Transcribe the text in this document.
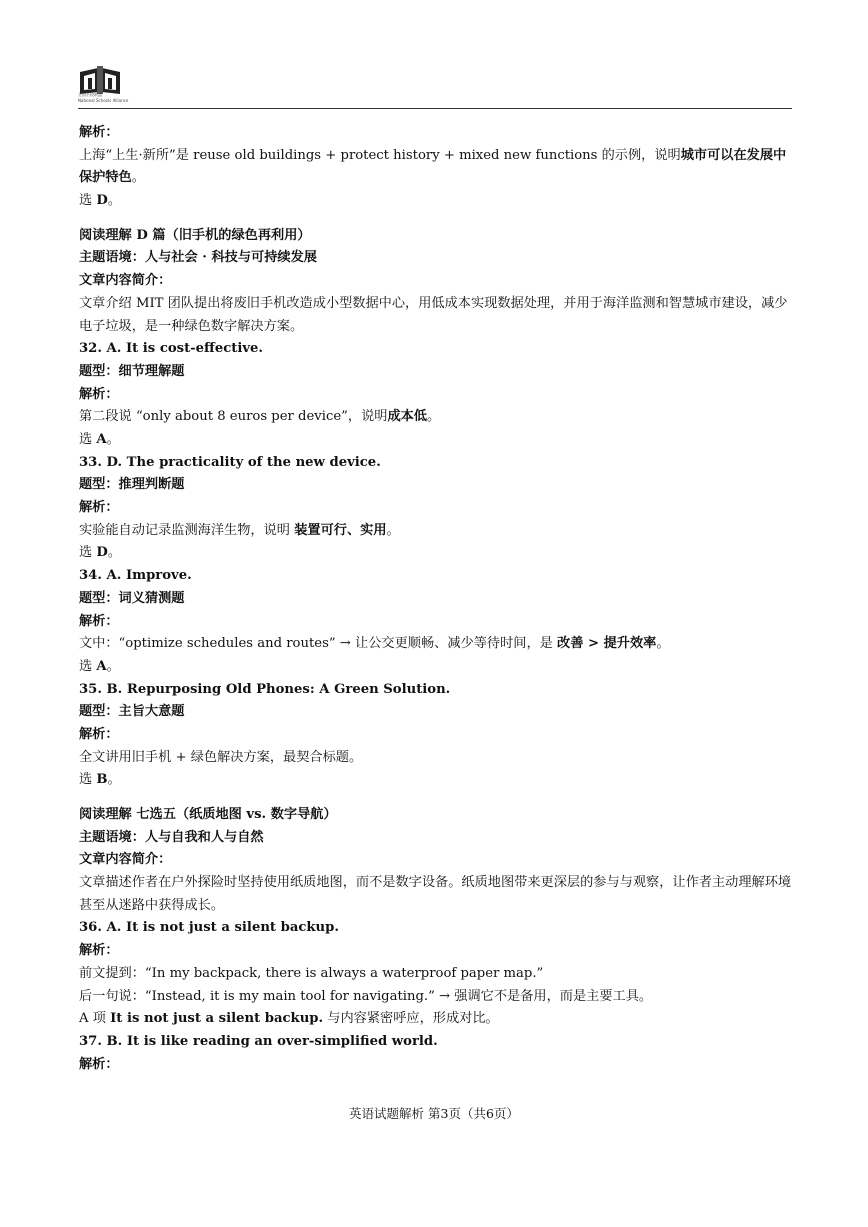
全国名校联盟
National Schools Alliance
解析：
上海“上生·新所”是 reuse old buildings + protect history + mixed new functions 的示例，说明城市可以在发展中保护特色。
选 D。
阅读理解 D 篇（旧手机的绿色再利用）
主题语境：人与社会 · 科技与可持续发展
文章内容简介：
文章介绍 MIT 团队提出将废旧手机改造成小型数据中心，用低成本实现数据处理，并用于海洋监测和智慧城市建设，减少电子垃圾，是一种绿色数字解决方案。
32. A. It is cost-effective.
题型：细节理解题
解析：
第二段说 “only about 8 euros per device”，说明成本低。
选 A。
33. D. The practicality of the new device.
题型：推理判断题
解析：
实验能自动记录监测海洋生物，说明 装置可行、实用。
选 D。
34. A. Improve.
题型：词义猜测题
解析：
文中：“optimize schedules and routes” → 让公交更顺畅、减少等待时间，是 改善 > 提升效率。
选 A。
35. B. Repurposing Old Phones: A Green Solution.
题型：主旨大意题
解析：
全文讲用旧手机 + 绿色解决方案，最契合标题。
选 B。
阅读理解 七选五（纸质地图 vs. 数字导航）
主题语境：人与自我和人与自然
文章内容简介：
文章描述作者在户外探险时坚持使用纸质地图，而不是数字设备。纸质地图带来更深层的参与与观察，让作者主动理解环境甚至从迷路中获得成长。
36. A. It is not just a silent backup.
解析：
前文提到：“In my backpack, there is always a waterproof paper map.”
后一句说：“Instead, it is my main tool for navigating.” → 强调它不是备用，而是主要工具。
A 项 It is not just a silent backup. 与内容紧密呼应，形成对比。
37. B. It is like reading an over-simplified world.
解析：
英语试题解析 第3页（共6页）
